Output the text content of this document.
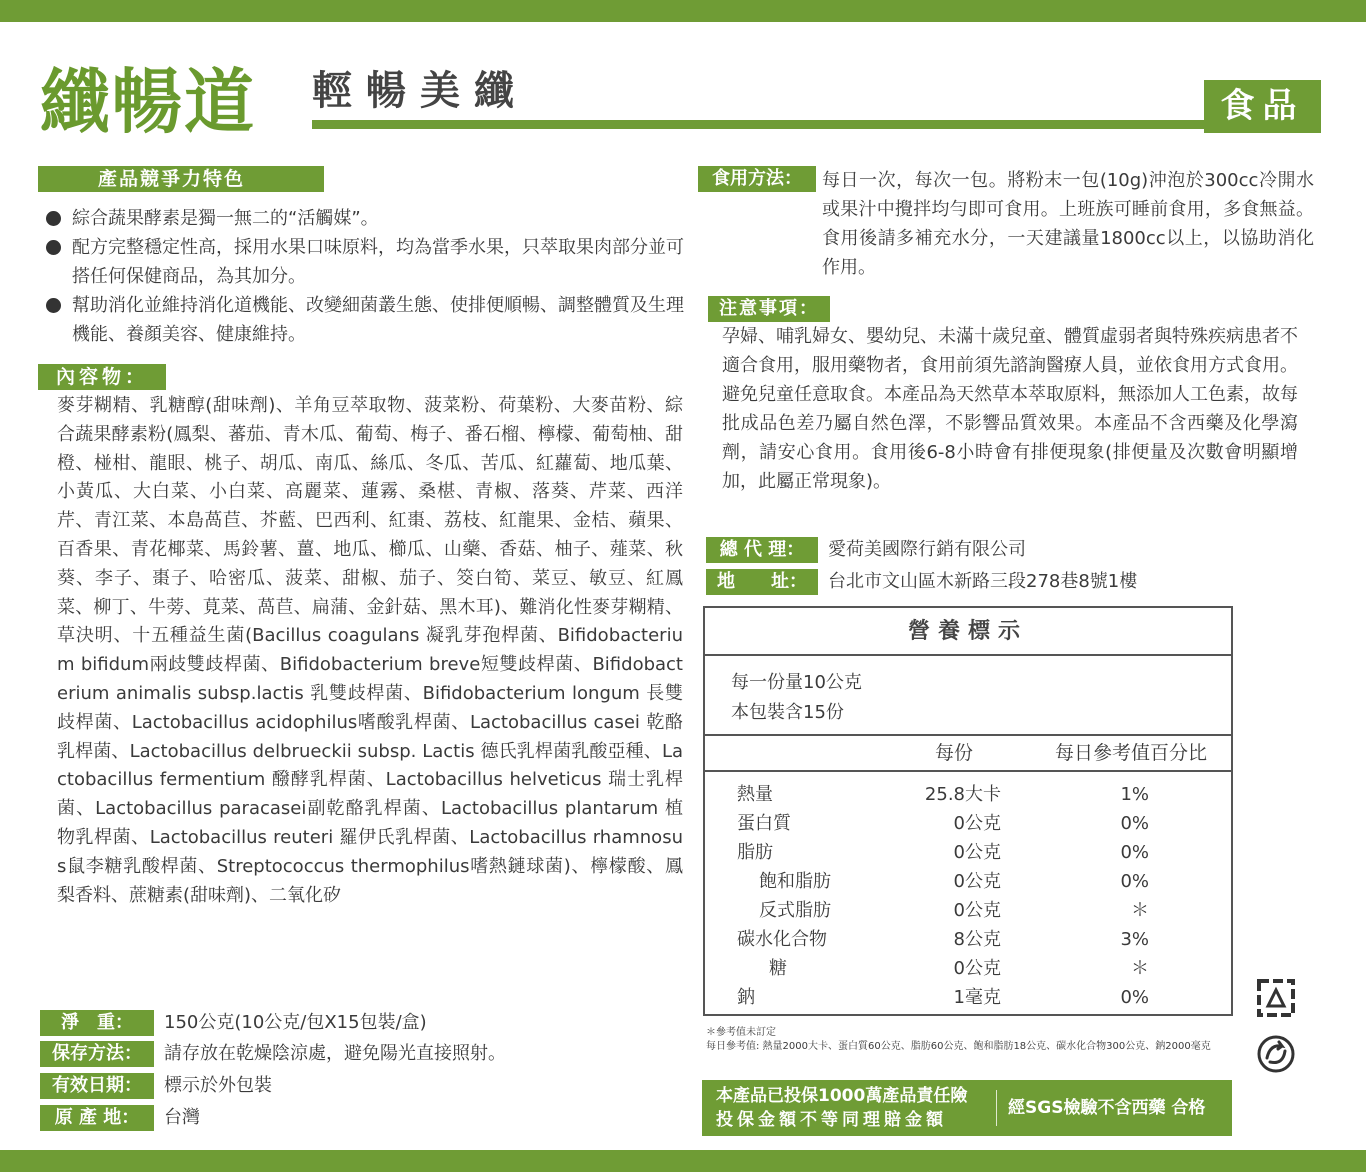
纖暢道 輕暢美纖	食品
產品競爭力特色
綜合蔬果酵素是獨一無二的“活觸媒”。
配方完整穩定性高，採用水果口味原料，均為當季水果，只萃取果肉部分並可搭任何保健商品，為其加分。
幫助消化並維持消化道機能、改變細菌叢生態、使排便順暢、調整體質及生理機能、養顏美容、健康維持。
內容物：
麥芽糊精、乳糖醇(甜味劑)、羊角豆萃取物、菠菜粉、荷葉粉、大麥苗粉、綜合蔬果酵素粉(鳳梨、蕃茄、青木瓜、葡萄、梅子、番石榴、檸檬、葡萄柚、甜橙、椪柑、龍眼、桃子、胡瓜、南瓜、絲瓜、冬瓜、苦瓜、紅蘿蔔、地瓜葉、小黃瓜、大白菜、小白菜、高麗菜、蓮霧、桑椹、青椒、落葵、芹菜、西洋芹、青江菜、本島萵苣、芥藍、巴西利、紅棗、荔枝、紅龍果、金桔、蘋果、百香果、青花椰菜、馬鈴薯、薑、地瓜、櫛瓜、山藥、香菇、柚子、薤菜、秋葵、李子、棗子、哈密瓜、菠菜、甜椒、茄子、筊白筍、菜豆、敏豆、紅鳳菜、柳丁、牛蒡、莧菜、萵苣、扁蒲、金針菇、黑木耳)、難消化性麥芽糊精、草決明、十五種益生菌(Bacillus coagulans 凝乳芽孢桿菌、Bifidobacterium bifidum兩歧雙歧桿菌、Bifidobacterium breve短雙歧桿菌、Bifidobacterium animalis subsp.lactis 乳雙歧桿菌、Bifidobacterium longum 長雙歧桿菌、Lactobacillus acidophilus嗜酸乳桿菌、Lactobacillus casei 乾酪乳桿菌、Lactobacillus delbrueckii subsp. Lactis 德氏乳桿菌乳酸亞種、Lactobacillus fermentium 醱酵乳桿菌、Lactobacillus helveticus 瑞士乳桿菌、Lactobacillus paracasei副乾酪乳桿菌、Lactobacillus plantarum 植物乳桿菌、Lactobacillus reuteri 羅伊氏乳桿菌、Lactobacillus rhamnosus鼠李糖乳酸桿菌、Streptococcus thermophilus嗜熱鏈球菌)、檸檬酸、鳳梨香料、蔗糖素(甜味劑)、二氧化矽
淨　重：	150公克(10公克/包X15包裝/盒)
保存方法：	請存放在乾燥陰涼處，避免陽光直接照射。
有效日期：	標示於外包裝
原 產 地：	台灣
食用方法：	每日一次，每次一包。將粉末一包(10g)沖泡於300cc冷開水或果汁中攪拌均勻即可食用。上班族可睡前食用，多食無益。食用後請多補充水分，一天建議量1800cc以上，以協助消化作用。
注意事項：
孕婦、哺乳婦女、嬰幼兒、未滿十歲兒童、體質虛弱者與特殊疾病患者不適合食用，服用藥物者，食用前須先諮詢醫療人員，並依食用方式食用。避免兒童任意取食。本產品為天然草本萃取原料，無添加人工色素，故每批成品色差乃屬自然色澤，不影響品質效果。本產品不含西藥及化學瀉劑，請安心食用。食用後6-8小時會有排便現象(排便量及次數會明顯增加，此屬正常現象)。
總 代 理：	愛荷美國際行銷有限公司
地　　址：	台北市文山區木新路三段278巷8號1樓
營養標示
每一份量10公克
本包裝含15份
每份	每日參考值百分比
熱量	25.8大卡	1%
蛋白質	0公克	0%
脂肪	0公克	0%
飽和脂肪	0公克	0%
反式脂肪	0公克	＊
碳水化合物	8公克	3%
糖	0公克	＊
鈉	1毫克	0%
＊參考值未訂定
每日參考值: 熱量2000大卡、蛋白質60公克、脂肪60公克、飽和脂肪18公克、碳水化合物300公克、鈉2000毫克
本產品已投保1000萬產品責任險
投保金額不等同理賠金額
經SGS檢驗不含西藥 合格
